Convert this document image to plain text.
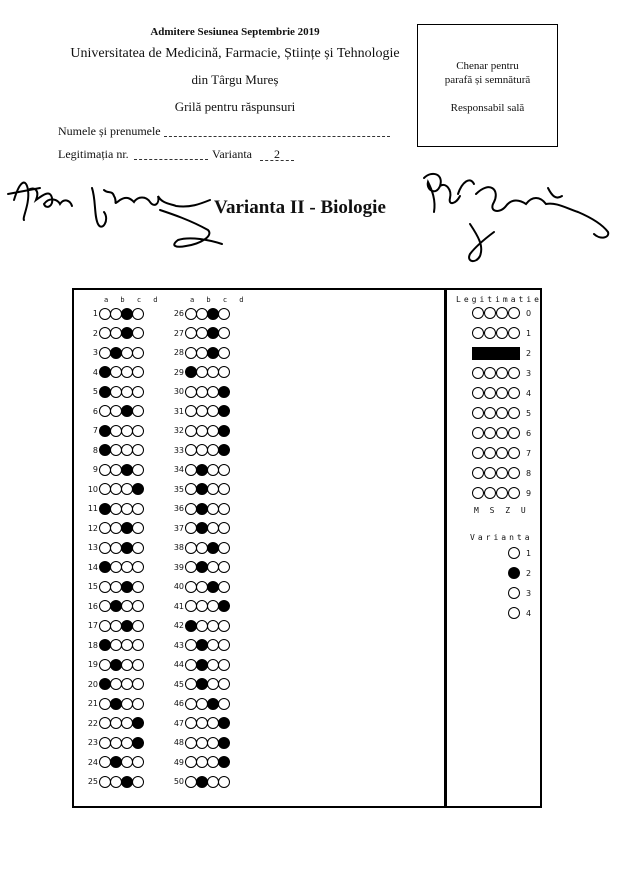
Admitere Sesiunea Septembrie 2019
Universitatea de Medicină, Farmacie, Științe și Tehnologie
din Târgu Mureș
Grilă pentru răspunsuri
Numele și prenumele
Legitimația nr.	Varianta	2
Chenar pentru
parafă și semnătură
Responsabil sală
Varianta II - Biologie
a b c d	a b c d
1
2
3
4
5
6
7
8
9
10
11
12
13
14
15
16
17
18
19
20
21
22
23
24
25
26
27
28
29
30
31
32
33
34
35
36
37
38
39
40
41
42
43
44
45
46
47
48
49
50
Legitimatie
0
1
2
3
4
5
6
7
8
9
M S Z U
Varianta
1
2
3
4
